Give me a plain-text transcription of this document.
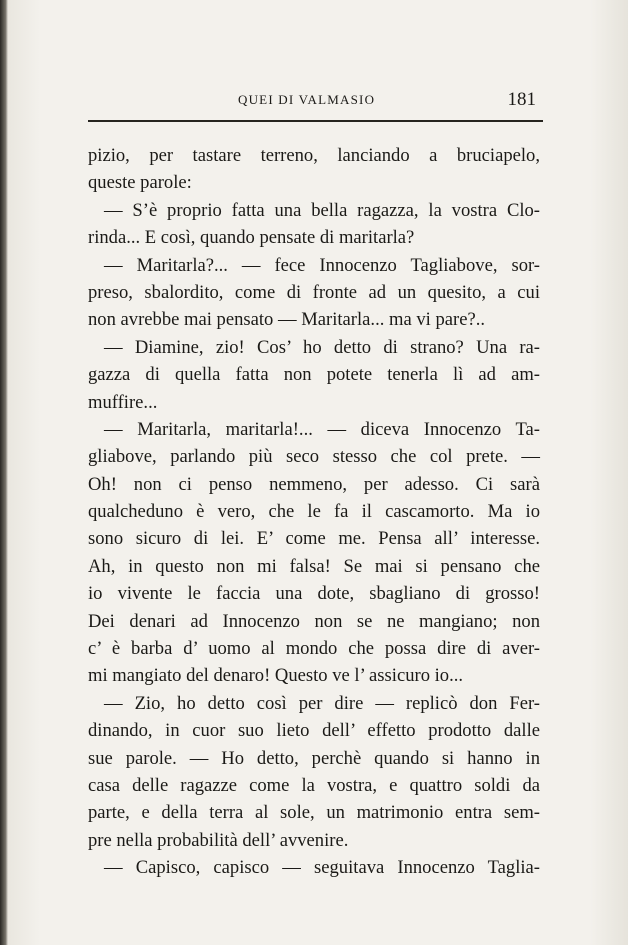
QUEI DI VALMASIO	181
pizio, per tastare terreno, lanciando a bruciapelo,
queste parole:
— S’è proprio fatta una bella ragazza, la vostra Clo-
rinda... E così, quando pensate di maritarla?
— Maritarla?... — fece Innocenzo Tagliabove, sor-
preso, sbalordito, come di fronte ad un quesito, a cui
non avrebbe mai pensato — Maritarla... ma vi pare?..
— Diamine, zio! Cos’ ho detto di strano? Una ra-
gazza di quella fatta non potete tenerla lì ad am-
muffire...
— Maritarla, maritarla!... — diceva Innocenzo Ta-
gliabove, parlando più seco stesso che col prete. —
Oh! non ci penso nemmeno, per adesso. Ci sarà
qualcheduno è vero, che le fa il cascamorto. Ma io
sono sicuro di lei. E’ come me. Pensa all’ interesse.
Ah, in questo non mi falsa! Se mai si pensano che
io vivente le faccia una dote, sbagliano di grosso!
Dei denari ad Innocenzo non se ne mangiano; non
c’ è barba d’ uomo al mondo che possa dire di aver-
mi mangiato del denaro! Questo ve l’ assicuro io...
— Zio, ho detto così per dire — replicò don Fer-
dinando, in cuor suo lieto dell’ effetto prodotto dalle
sue parole. — Ho detto, perchè quando si hanno in
casa delle ragazze come la vostra, e quattro soldi da
parte, e della terra al sole, un matrimonio entra sem-
pre nella probabilità dell’ avvenire.
— Capisco, capisco — seguitava Innocenzo Taglia-
